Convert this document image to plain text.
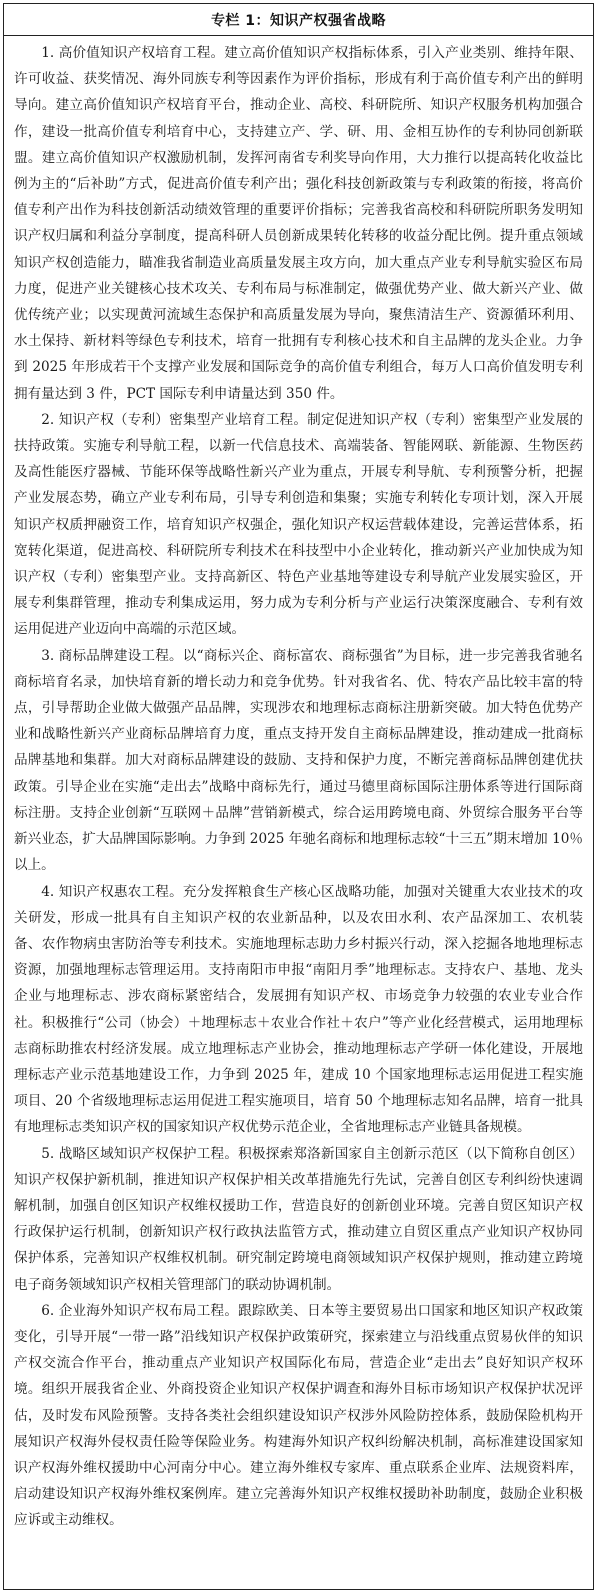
专栏 1：知识产权强省战略

1. 高价值知识产权培育工程。建立高价值知识产权指标体系，引入产业类别、维持年限、许可收益、获奖情况、海外同族专利等因素作为评价指标，形成有利于高价值专利产出的鲜明导向。建立高价值知识产权培育平台，推动企业、高校、科研院所、知识产权服务机构加强合作，建设一批高价值专利培育中心，支持建立产、学、研、用、金相互协作的专利协同创新联盟。建立高价值知识产权激励机制，发挥河南省专利奖导向作用，大力推行以提高转化收益比例为主的“后补助”方式，促进高价值专利产出；强化科技创新政策与专利政策的衔接，将高价值专利产出作为科技创新活动绩效管理的重要评价指标；完善我省高校和科研院所职务发明知识产权归属和利益分享制度，提高科研人员创新成果转化转移的收益分配比例。提升重点领域知识产权创造能力，瞄准我省制造业高质量发展主攻方向，加大重点产业专利导航实验区布局力度，促进产业关键核心技术攻关、专利布局与标准制定，做强优势产业、做大新兴产业、做优传统产业；以实现黄河流域生态保护和高质量发展为导向，聚焦清洁生产、资源循环利用、水土保持、新材料等绿色专利技术，培育一批拥有专利核心技术和自主品牌的龙头企业。力争到 2025 年形成若干个支撑产业发展和国际竞争的高价值专利组合，每万人口高价值发明专利拥有量达到 3 件，PCT 国际专利申请量达到 350 件。

2. 知识产权（专利）密集型产业培育工程。制定促进知识产权（专利）密集型产业发展的扶持政策。实施专利导航工程，以新一代信息技术、高端装备、智能网联、新能源、生物医药及高性能医疗器械、节能环保等战略性新兴产业为重点，开展专利导航、专利预警分析，把握产业发展态势，确立产业专利布局，引导专利创造和集聚；实施专利转化专项计划，深入开展知识产权质押融资工作，培育知识产权强企，强化知识产权运营载体建设，完善运营体系，拓宽转化渠道，促进高校、科研院所专利技术在科技型中小企业转化，推动新兴产业加快成为知识产权（专利）密集型产业。支持高新区、特色产业基地等建设专利导航产业发展实验区，开展专利集群管理，推动专利集成运用，努力成为专利分析与产业运行决策深度融合、专利有效运用促进产业迈向中高端的示范区域。

3. 商标品牌建设工程。以“商标兴企、商标富农、商标强省”为目标，进一步完善我省驰名商标培育名录，加快培育新的增长动力和竞争优势。针对我省名、优、特农产品比较丰富的特点，引导帮助企业做大做强产品品牌，实现涉农和地理标志商标注册新突破。加大特色优势产业和战略性新兴产业商标品牌培育力度，重点支持开发自主商标品牌建设，推动建成一批商标品牌基地和集群。加大对商标品牌建设的鼓励、支持和保护力度，不断完善商标品牌创建优扶政策。引导企业在实施“走出去”战略中商标先行，通过马德里商标国际注册体系等进行国际商标注册。支持企业创新“互联网＋品牌”营销新模式，综合运用跨境电商、外贸综合服务平台等新兴业态，扩大品牌国际影响。力争到 2025 年驰名商标和地理标志较“十三五”期末增加 10％以上。

4. 知识产权惠农工程。充分发挥粮食生产核心区战略功能，加强对关键重大农业技术的攻关研发，形成一批具有自主知识产权的农业新品种，以及农田水利、农产品深加工、农机装备、农作物病虫害防治等专利技术。实施地理标志助力乡村振兴行动，深入挖掘各地地理标志资源，加强地理标志管理运用。支持南阳市申报“南阳月季”地理标志。支持农户、基地、龙头企业与地理标志、涉农商标紧密结合，发展拥有知识产权、市场竞争力较强的农业专业合作社。积极推行“公司（协会）＋地理标志＋农业合作社＋农户”等产业化经营模式，运用地理标志商标助推农村经济发展。成立地理标志产业协会，推动地理标志产学研一体化建设，开展地理标志产业示范基地建设工作，力争到 2025 年，建成 10 个国家地理标志运用促进工程实施项目、20 个省级地理标志运用促进工程实施项目，培育 50 个地理标志知名品牌，培育一批具有地理标志类知识产权的国家知识产权优势示范企业，全省地理标志产业链具备规模。

5. 战略区域知识产权保护工程。积极探索郑洛新国家自主创新示范区（以下简称自创区）知识产权保护新机制，推进知识产权保护相关改革措施先行先试，完善自创区专利纠纷快速调解机制，加强自创区知识产权维权援助工作，营造良好的创新创业环境。完善自贸区知识产权行政保护运行机制，创新知识产权行政执法监管方式，推动建立自贸区重点产业知识产权协同保护体系，完善知识产权维权机制。研究制定跨境电商领域知识产权保护规则，推动建立跨境电子商务领域知识产权相关管理部门的联动协调机制。

6. 企业海外知识产权布局工程。跟踪欧美、日本等主要贸易出口国家和地区知识产权政策变化，引导开展“一带一路”沿线知识产权保护政策研究，探索建立与沿线重点贸易伙伴的知识产权交流合作平台，推动重点产业知识产权国际化布局，营造企业“走出去”良好知识产权环境。组织开展我省企业、外商投资企业知识产权保护调查和海外目标市场知识产权保护状况评估，及时发布风险预警。支持各类社会组织建设知识产权涉外风险防控体系，鼓励保险机构开展知识产权海外侵权责任险等保险业务。构建海外知识产权纠纷解决机制，高标准建设国家知识产权海外维权援助中心河南分中心。建立海外维权专家库、重点联系企业库、法规资料库，启动建设知识产权海外维权案例库。建立完善海外知识产权维权援助补助制度，鼓励企业积极应诉或主动维权。
